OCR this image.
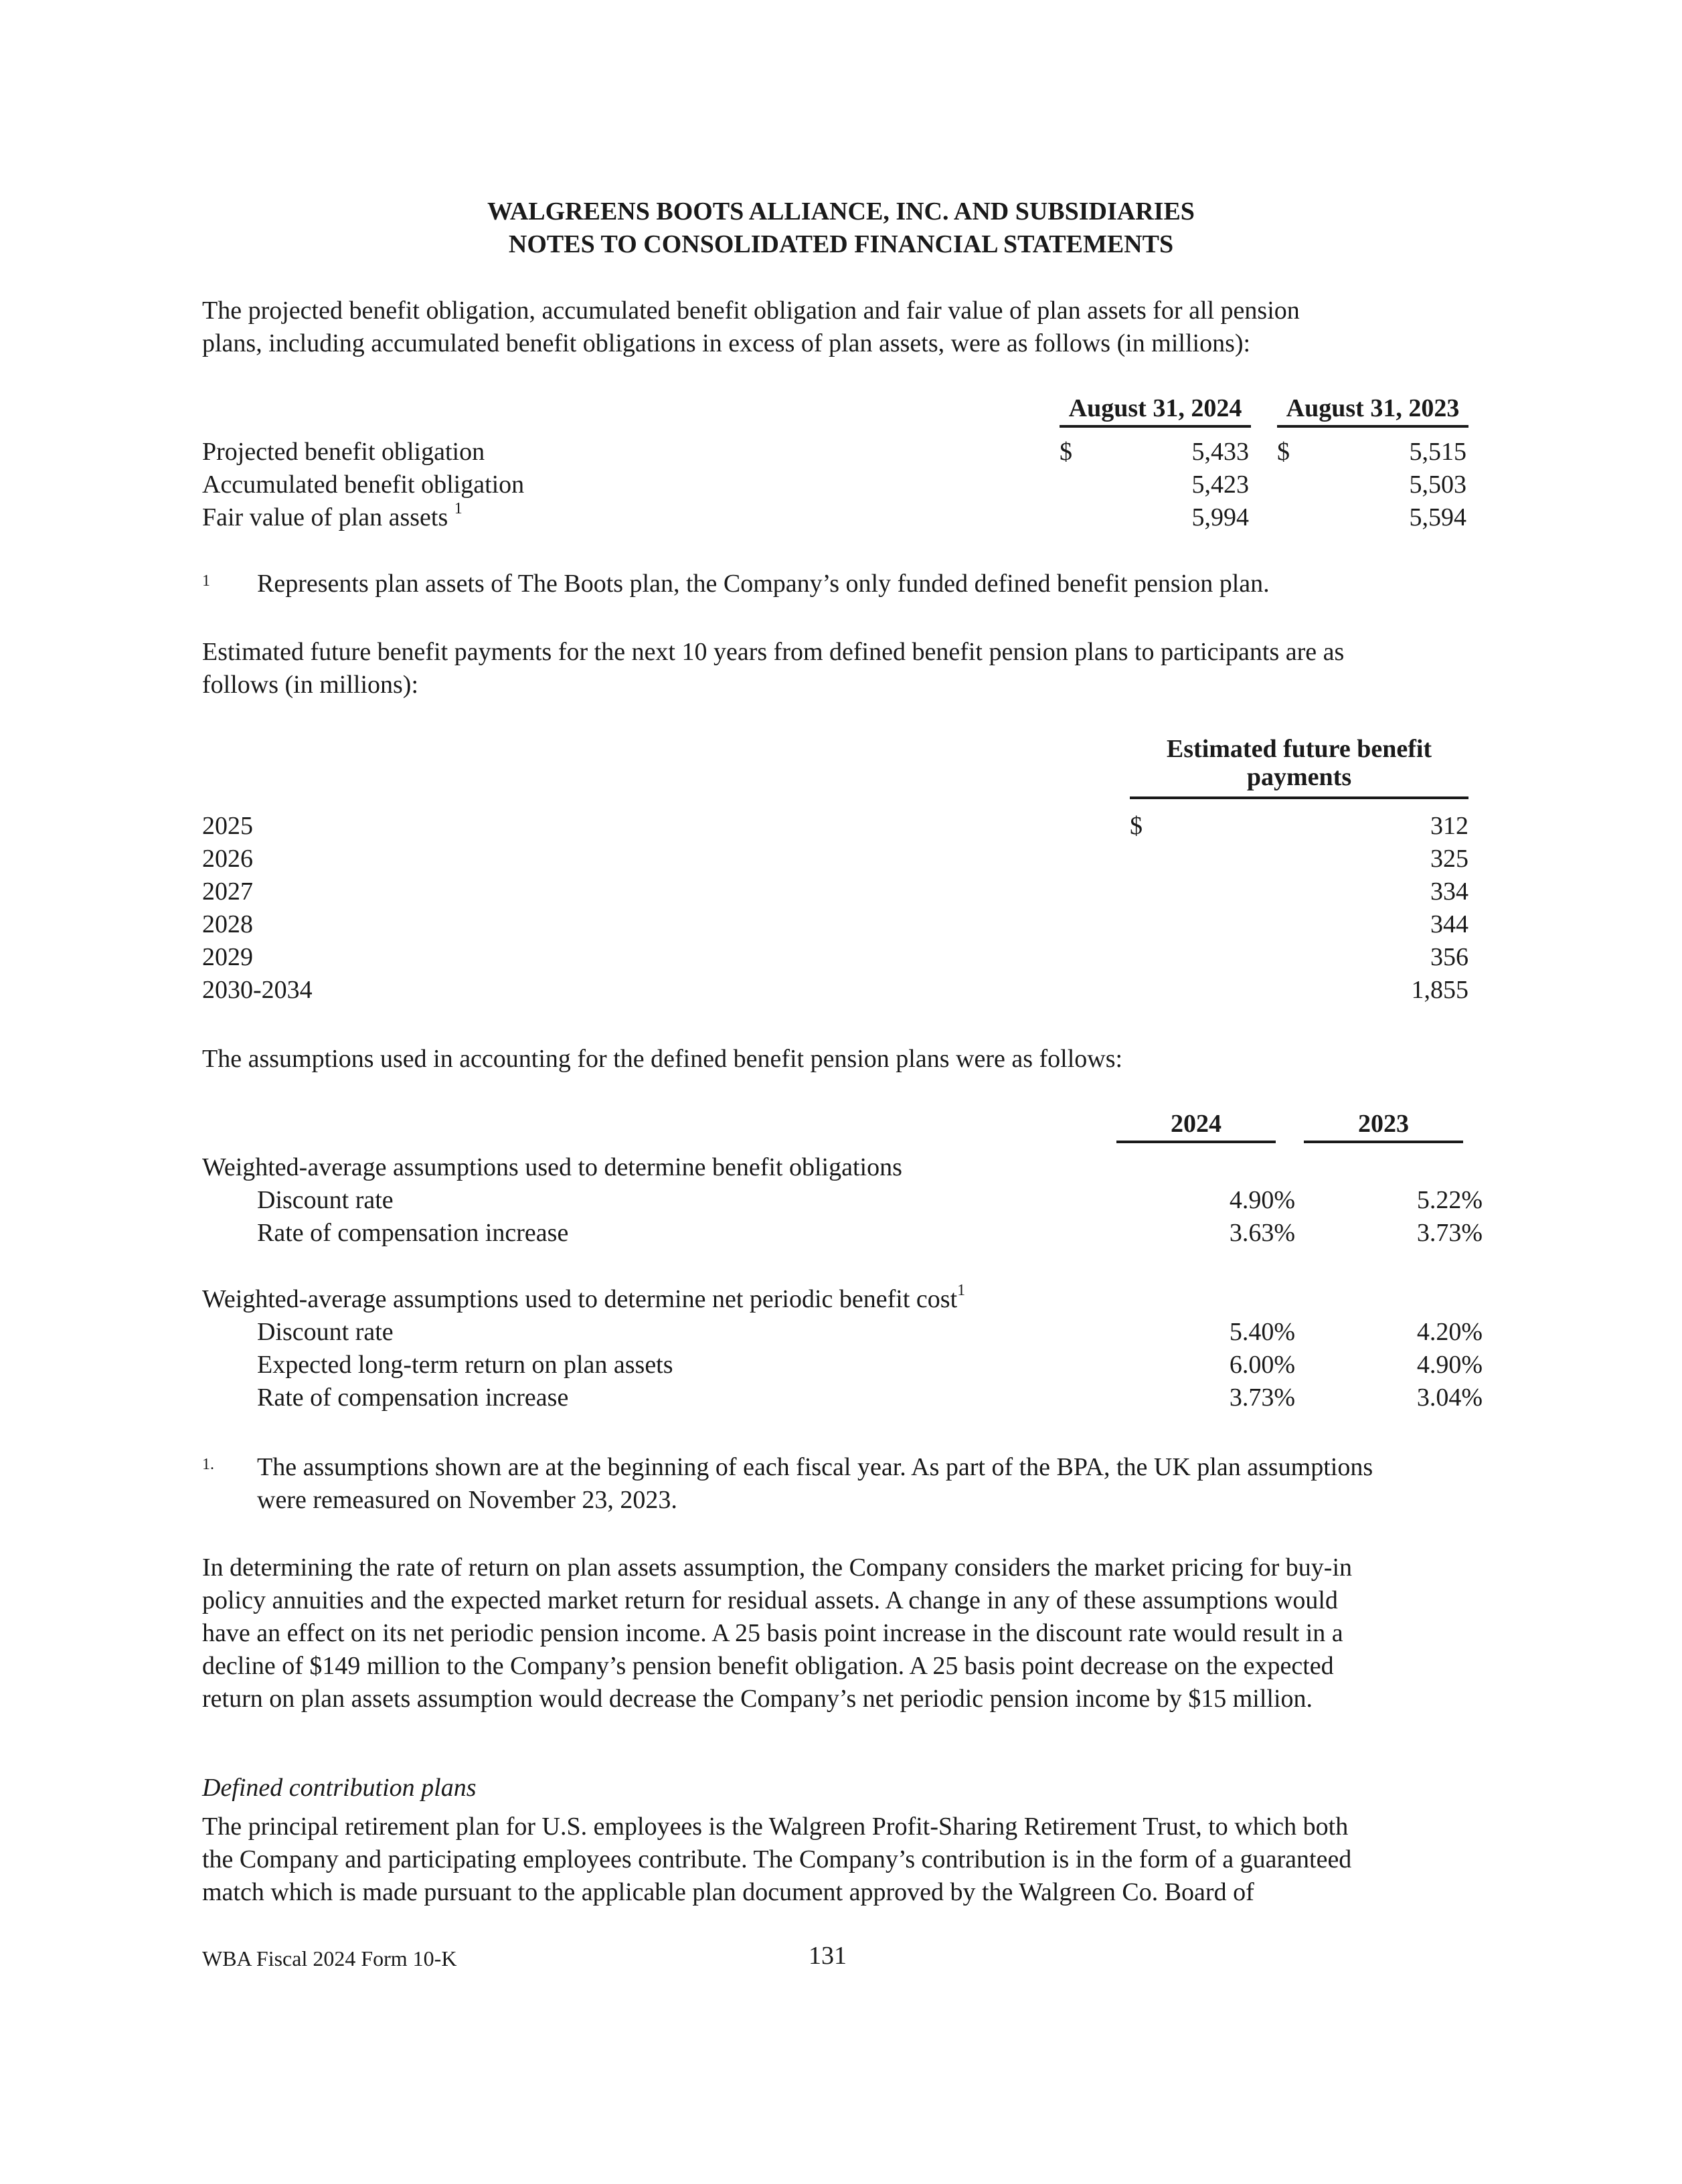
WALGREENS BOOTS ALLIANCE, INC. AND SUBSIDIARIES
NOTES TO CONSOLIDATED FINANCIAL STATEMENTS
The projected benefit obligation, accumulated benefit obligation and fair value of plan assets for all pension
plans, including accumulated benefit obligations in excess of plan assets, were as follows (in millions):
August 31, 2024	August 31, 2023
Projected benefit obligation	$	5,433 $	5,515
Accumulated benefit obligation	5,423	5,503
Fair value of plan assets $^1$	5,994	5,594
1 Represents plan assets of The Boots plan, the Company’s only funded defined benefit pension plan.
Estimated future benefit payments for the next 10 years from defined benefit pension plans to participants are as
follows (in millions):
Estimated future benefit
payments
2025	$	312
2026	325
2027	334
2028	344
2029	356
2030-2034	1,855
The assumptions used in accounting for the defined benefit pension plans were as follows:
2024	2023
Weighted-average assumptions used to determine benefit obligations
Discount rate	4.90%	5.22%
Rate of compensation increase	3.63%	3.73%
Weighted-average assumptions used to determine net periodic benefit cost$^1$
Discount rate	5.40%	4.20%
Expected long-term return on plan assets	6.00%	4.90%
Rate of compensation increase	3.73%	3.04%
1. The assumptions shown are at the beginning of each fiscal year. As part of the BPA, the UK plan assumptions
were remeasured on November 23, 2023.
In determining the rate of return on plan assets assumption, the Company considers the market pricing for buy-in
policy annuities and the expected market return for residual assets. A change in any of these assumptions would
have an effect on its net periodic pension income. A 25 basis point increase in the discount rate would result in a
decline of $149 million to the Company’s pension benefit obligation. A 25 basis point decrease on the expected
return on plan assets assumption would decrease the Company’s net periodic pension income by $15 million.
Defined contribution plans
The principal retirement plan for U.S. employees is the Walgreen Profit-Sharing Retirement Trust, to which both
the Company and participating employees contribute. The Company’s contribution is in the form of a guaranteed
match which is made pursuant to the applicable plan document approved by the Walgreen Co. Board of
WBA Fiscal 2024 Form 10-K	131
